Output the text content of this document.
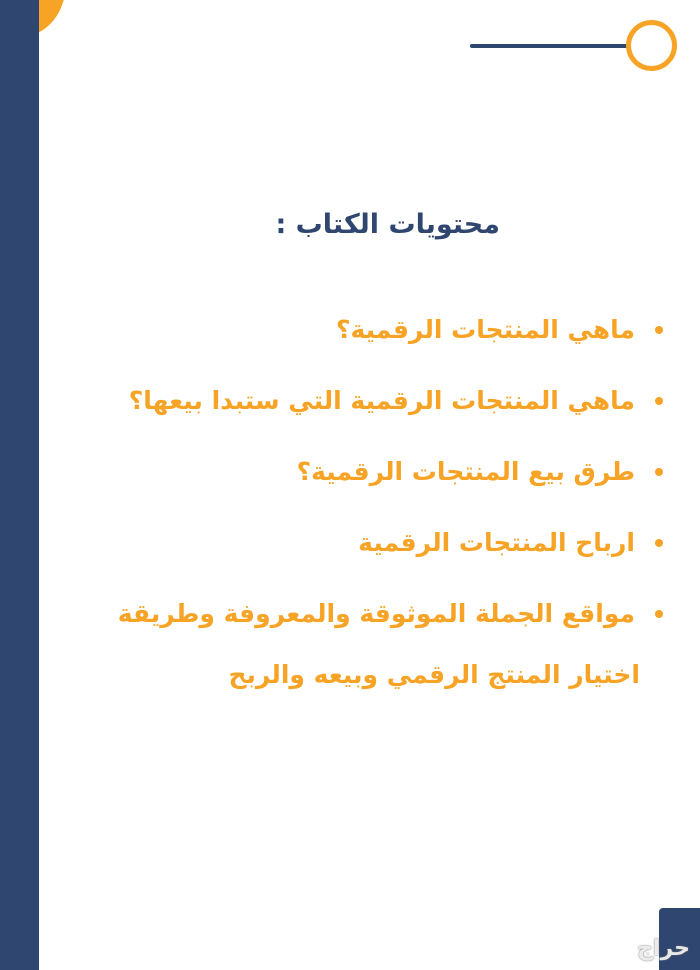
محتويات الكتاب :
ماهي المنتجات الرقمية؟
ماهي المنتجات الرقمية التي ستبدا بيعها؟
طرق بيع المنتجات الرقمية؟
ارباح المنتجات الرقمية
مواقع الجملة الموثوقة والمعروفة وطريقة

اختيار المنتج الرقمي وبيعه والربح

حراج
